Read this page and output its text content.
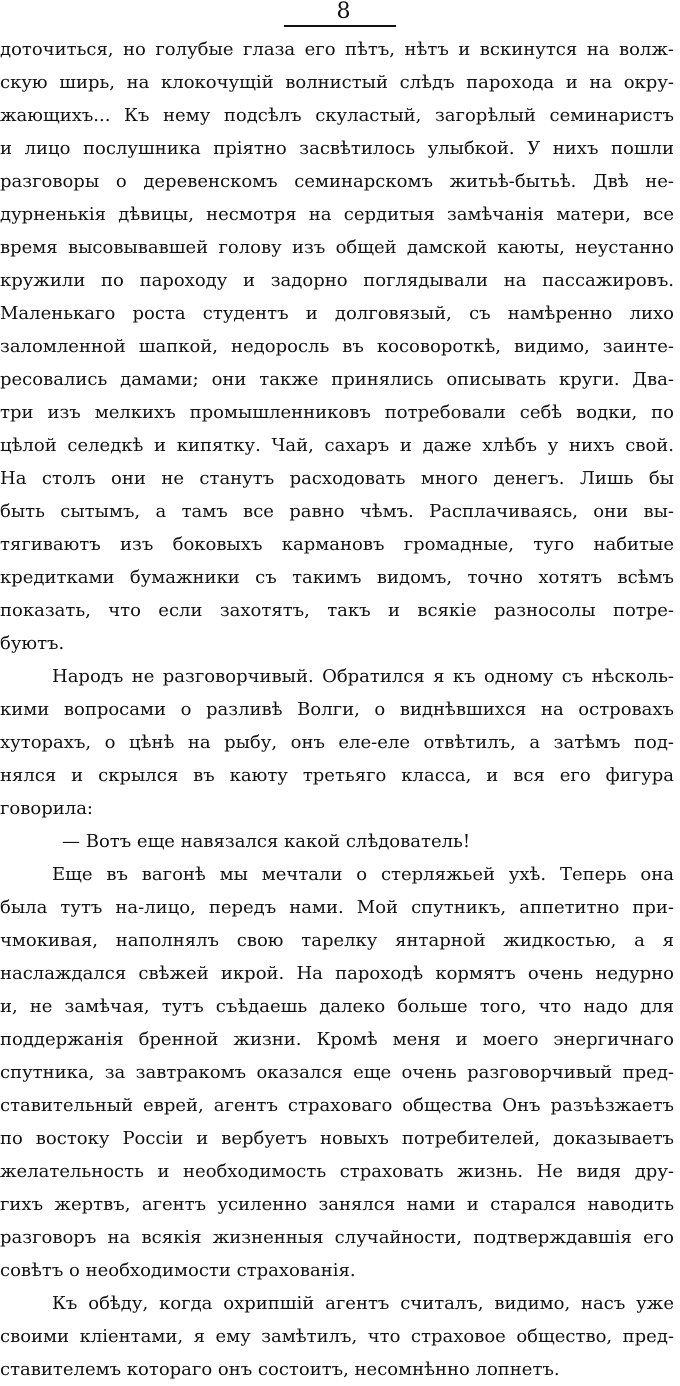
8
доточиться, но голубые глаза его пѣтъ, нѣтъ и вскинутся на волж-
скую ширь, на клокочущій волнистый слѣдъ парохода и на окру-
жающихъ... Къ нему подсѣлъ скуластый, загорѣлый семинаристъ
и лицо послушника пріятно засвѣтилось улыбкой. У нихъ пошли
разговоры о деревенскомъ семинарскомъ житьѣ-бытьѣ. Двѣ не-
дурненькія дѣвицы, несмотря на сердитыя замѣчанія матери, все
время высовывавшей голову изъ общей дамской каюты, неустанно
кружили по пароходу и задорно поглядывали на пассажировъ.
Маленькаго роста студентъ и долговязый, съ намѣренно лихо
заломленной шапкой, недоросль въ косовороткѣ, видимо, заинте-
ресовались дамами; они также принялись описывать круги. Два-
три изъ мелкихъ промышленниковъ потребовали себѣ водки, по
цѣлой селедкѣ и кипятку. Чай, сахаръ и даже хлѣбъ у нихъ свой.
На столъ они не станутъ расходовать много денегъ. Лишь бы
быть сытымъ, а тамъ все равно чѣмъ. Расплачиваясь, они вы-
тягиваютъ изъ боковыхъ кармановъ громадные, туго набитые
кредитками бумажники съ такимъ видомъ, точно хотятъ всѣмъ
показать, что если захотятъ, такъ и всякіе разносолы потре-
буютъ.
Народъ не разговорчивый. Обратился я къ одному съ нѣсколь-
кими вопросами о разливѣ Волги, о виднѣвшихся на островахъ
хуторахъ, о цѣнѣ на рыбу, онъ еле-еле отвѣтилъ, а затѣмъ под-
нялся и скрылся въ каюту третьяго класса, и вся его фигура
говорила:
— Вотъ еще навязался какой слѣдователь!
Еще въ вагонѣ мы мечтали о стерляжьей ухѣ. Теперь она
была тутъ на-лицо, передъ нами. Мой спутникъ, аппетитно при-
чмокивая, наполнялъ свою тарелку янтарной жидкостью, а я
наслаждался свѣжей икрой. На пароходѣ кормятъ очень недурно
и, не замѣчая, тутъ съѣдаешь далеко больше того, что надо для
поддержанія бренной жизни. Кромѣ меня и моего энергичнаго
спутника, за завтракомъ оказался еще очень разговорчивый пред-
ставительный еврей, агентъ страховаго общества Онъ разъѣзжаетъ
по востоку Россіи и вербуетъ новыхъ потребителей, доказываетъ
желательность и необходимость страховать жизнь. Не видя дру-
гихъ жертвъ, агентъ усиленно занялся нами и старался наводить
разговоръ на всякія жизненныя случайности, подтверждавшія его
совѣтъ о необходимости страхованія.
Къ обѣду, когда охрипшій агентъ считалъ, видимо, насъ уже
своими кліентами, я ему замѣтилъ, что страховое общество, пред-
ставителемъ котораго онъ состоитъ, несомнѣнно лопнетъ.
